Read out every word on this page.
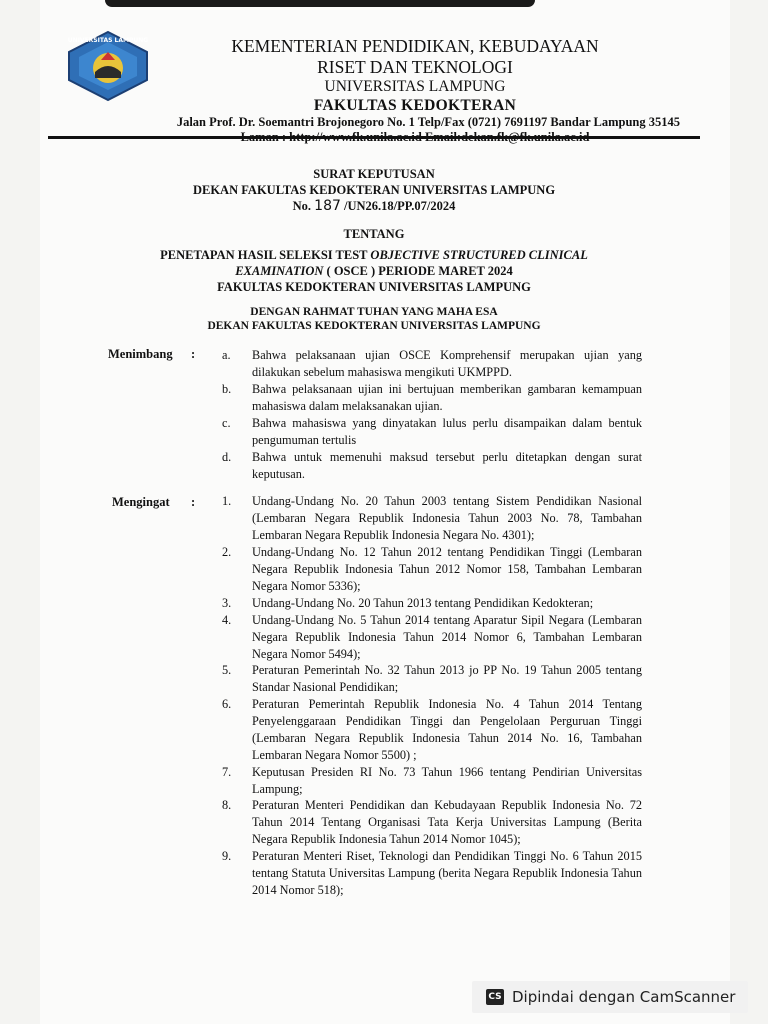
UNIVERSITAS LAMPUNG	KEMENTERIAN PENDIDIKAN, KEBUDAYAAN
RISET DAN TEKNOLOGI
UNIVERSITAS LAMPUNG
FAKULTAS KEDOKTERAN
Jalan Prof. Dr. Soemantri Brojonegoro No. 1 Telp/Fax (0721) 7691197 Bandar Lampung 35145
SURAT KEPUTUSAN
DEKAN FAKULTAS KEDOKTERAN UNIVERSITAS LAMPUNG
No. 187 /UN26.18/PP.07/2024
TENTANG
PENETAPAN HASIL SELEKSI TEST OBJECTIVE STRUCTURED CLINICAL
EXAMINATION ( OSCE ) PERIODE MARET 2024
FAKULTAS KEDOKTERAN UNIVERSITAS LAMPUNG
DENGAN RAHMAT TUHAN YANG MAHA ESA
DEKAN FAKULTAS KEDOKTERAN UNIVERSITAS LAMPUNG
Menimbang : a.	Bahwa pelaksanaan ujian OSCE Komprehensif merupakan ujian yang dilakukan sebelum mahasiswa mengikuti UKMPPD.
b.	Bahwa pelaksanaan ujian ini bertujuan memberikan gambaran kemampuan mahasiswa dalam melaksanakan ujian.
c.	Bahwa mahasiswa yang dinyatakan lulus perlu disampaikan dalam bentuk pengumuman tertulis
d.	Bahwa untuk memenuhi maksud tersebut perlu ditetapkan dengan surat keputusan.
Mengingat : 1.	Undang-Undang No. 20 Tahun 2003 tentang Sistem Pendidikan Nasional (Lembaran Negara Republik Indonesia Tahun 2003 No. 78, Tambahan Lembaran Negara Republik Indonesia Negara No. 4301);
2.	Undang-Undang No. 12 Tahun 2012 tentang Pendidikan Tinggi (Lembaran Negara Republik Indonesia Tahun 2012 Nomor 158, Tambahan Lembaran Negara Nomor 5336);
3.	Undang-Undang No. 20 Tahun 2013 tentang Pendidikan Kedokteran;
4.	Undang-Undang No. 5 Tahun 2014 tentang Aparatur Sipil Negara (Lembaran Negara Republik Indonesia Tahun 2014 Nomor 6, Tambahan Lembaran Negara Nomor 5494);
5.	Peraturan Pemerintah No. 32 Tahun 2013 jo PP No. 19 Tahun 2005 tentang Standar Nasional Pendidikan;
6.	Peraturan Pemerintah Republik Indonesia No. 4 Tahun 2014 Tentang Penyelenggaraan Pendidikan Tinggi dan Pengelolaan Perguruan Tinggi (Lembaran Negara Republik Indonesia Tahun 2014 No. 16, Tambahan Lembaran Negara Nomor 5500) ;
7.	Keputusan Presiden RI No. 73 Tahun 1966 tentang Pendirian Universitas Lampung;
8.	Peraturan Menteri Pendidikan dan Kebudayaan Republik Indonesia No. 72 Tahun 2014 Tentang Organisasi Tata Kerja Universitas Lampung (Berita Negara Republik Indonesia Tahun 2014 Nomor 1045);
9.	Peraturan Menteri Riset, Teknologi dan Pendidikan Tinggi No. 6 Tahun 2015 tentang Statuta Universitas Lampung (berita Negara Republik Indonesia Tahun 2014 Nomor 518);
CS Dipindai dengan CamScanner
